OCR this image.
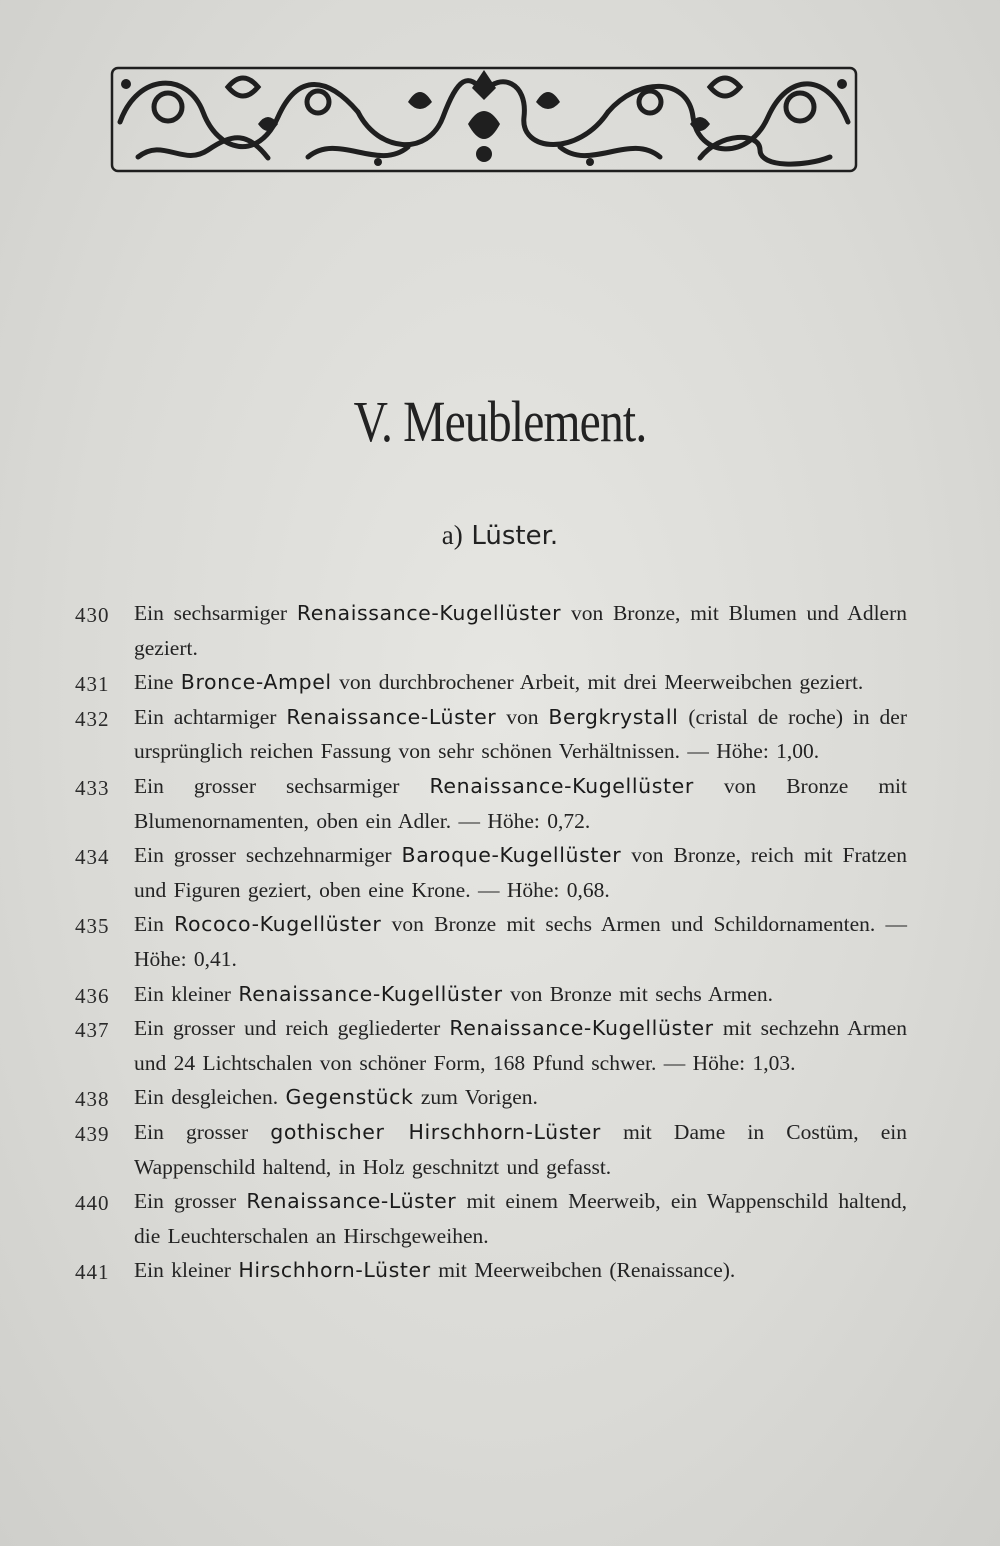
V. Meublement.
a) Lüster.
430	Ein sechsarmiger Renaissance-Kugellüster von Bronze, mit Blumen und Adlern geziert.
431	Eine Bronce-Ampel von durchbrochener Arbeit, mit drei Meerweibchen geziert.
432	Ein achtarmiger Renaissance-Lüster von Bergkrystall (cristal de roche) in der ursprünglich reichen Fassung von sehr schönen Verhältnissen. — Höhe: 1,00.
433	Ein grosser sechsarmiger Renaissance-Kugellüster von Bronze mit Blumenornamenten, oben ein Adler. — Höhe: 0,72.
434	Ein grosser sechzehnarmiger Baroque-Kugellüster von Bronze, reich mit Fratzen und Figuren geziert, oben eine Krone. — Höhe: 0,68.
435	Ein Rococo-Kugellüster von Bronze mit sechs Armen und Schildornamenten. — Höhe: 0,41.
436	Ein kleiner Renaissance-Kugellüster von Bronze mit sechs Armen.
437	Ein grosser und reich gegliederter Renaissance-Kugellüster mit sechzehn Armen und 24 Lichtschalen von schöner Form, 168 Pfund schwer. — Höhe: 1,03.
438	Ein desgleichen. Gegenstück zum Vorigen.
439	Ein grosser gothischer Hirschhorn-Lüster mit Dame in Costüm, ein Wappenschild haltend, in Holz geschnitzt und gefasst.
440	Ein grosser Renaissance-Lüster mit einem Meerweib, ein Wappenschild haltend, die Leuchterschalen an Hirschgeweihen.
441	Ein kleiner Hirschhorn-Lüster mit Meerweibchen (Renaissance).
